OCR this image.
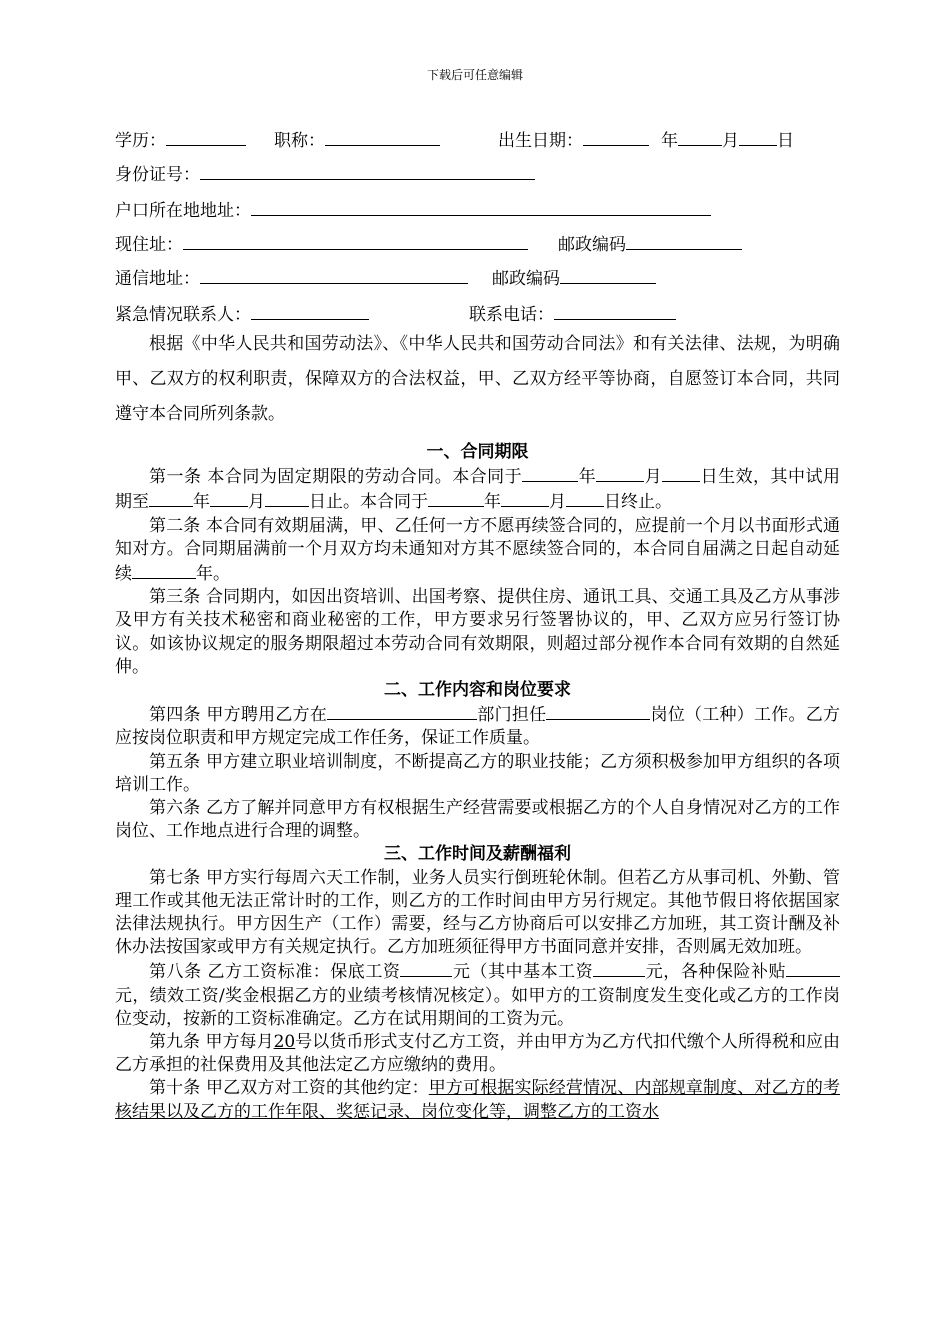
下载后可任意编辑
学历：	职称：	出生日期：	年	月 日
身份证号：
户口所在地地址：
现住址：	邮政编码
通信地址：	邮政编码
紧急情况联系人：	联系电话：

根据《中华人民共和国劳动法》、《中华人民共和国劳动合同法》和有关法律、法规，为明确甲、乙双方的权利职责，保障双方的合法权益，甲、乙双方经平等协商，自愿签订本合同，共同遵守本合同所列条款。

一、合同期限

第一条 本合同为固定期限的劳动合同。本合同于	年	月 日生效，其中试用期至	年 月	日止。本合同于	年	月 日终止。

第二条 本合同有效期届满，甲、乙任何一方不愿再续签合同的，应提前一个月以书面形式通知对方。合同期届满前一个月双方均未通知对方其不愿续签合同的，本合同自届满之日起自动延续	年。

第三条 合同期内，如因出资培训、出国考察、提供住房、通讯工具、交通工具及乙方从事涉及甲方有关技术秘密和商业秘密的工作，甲方要求另行签署协议的，甲、乙双方应另行签订协议。如该协议规定的服务期限超过本劳动合同有效期限，则超过部分视作本合同有效期的自然延伸。

二、工作内容和岗位要求

第四条 甲方聘用乙方在	部门担任	岗位（工种）工作。乙方应按岗位职责和甲方规定完成工作任务，保证工作质量。

第五条 甲方建立职业培训制度，不断提高乙方的职业技能；乙方须积极参加甲方组织的各项培训工作。

第六条 乙方了解并同意甲方有权根据生产经营需要或根据乙方的个人自身情况对乙方的工作岗位、工作地点进行合理的调整。

三、工作时间及薪酬福利

第七条 甲方实行每周六天工作制，业务人员实行倒班轮休制。但若乙方从事司机、外勤、管理工作或其他无法正常计时的工作，则乙方的工作时间由甲方另行规定。其他节假日将依据国家法律法规执行。甲方因生产（工作）需要，经与乙方协商后可以安排乙方加班，其工资计酬及补休办法按国家或甲方有关规定执行。乙方加班须征得甲方书面同意并安排，否则属无效加班。

第八条 乙方工资标准：保底工资	元（其中基本工资	元，各种保险补贴元，绩效工资/奖金根据乙方的业绩考核情况核定）。如甲方的工资制度发生变化或乙方的工作岗位变动，按新的工资标准确定。乙方在试用期间的工资为元。

第九条 甲方每月20号以货币形式支付乙方工资，并由甲方为乙方代扣代缴个人所得税和应由乙方承担的社保费用及其他法定乙方应缴纳的费用。

第十条 甲乙双方对工资的其他约定：甲方可根据实际经营情况、内部规章制度、对乙方的考核结果以及乙方的工作年限、奖惩记录、岗位变化等，调整乙方的工资水
